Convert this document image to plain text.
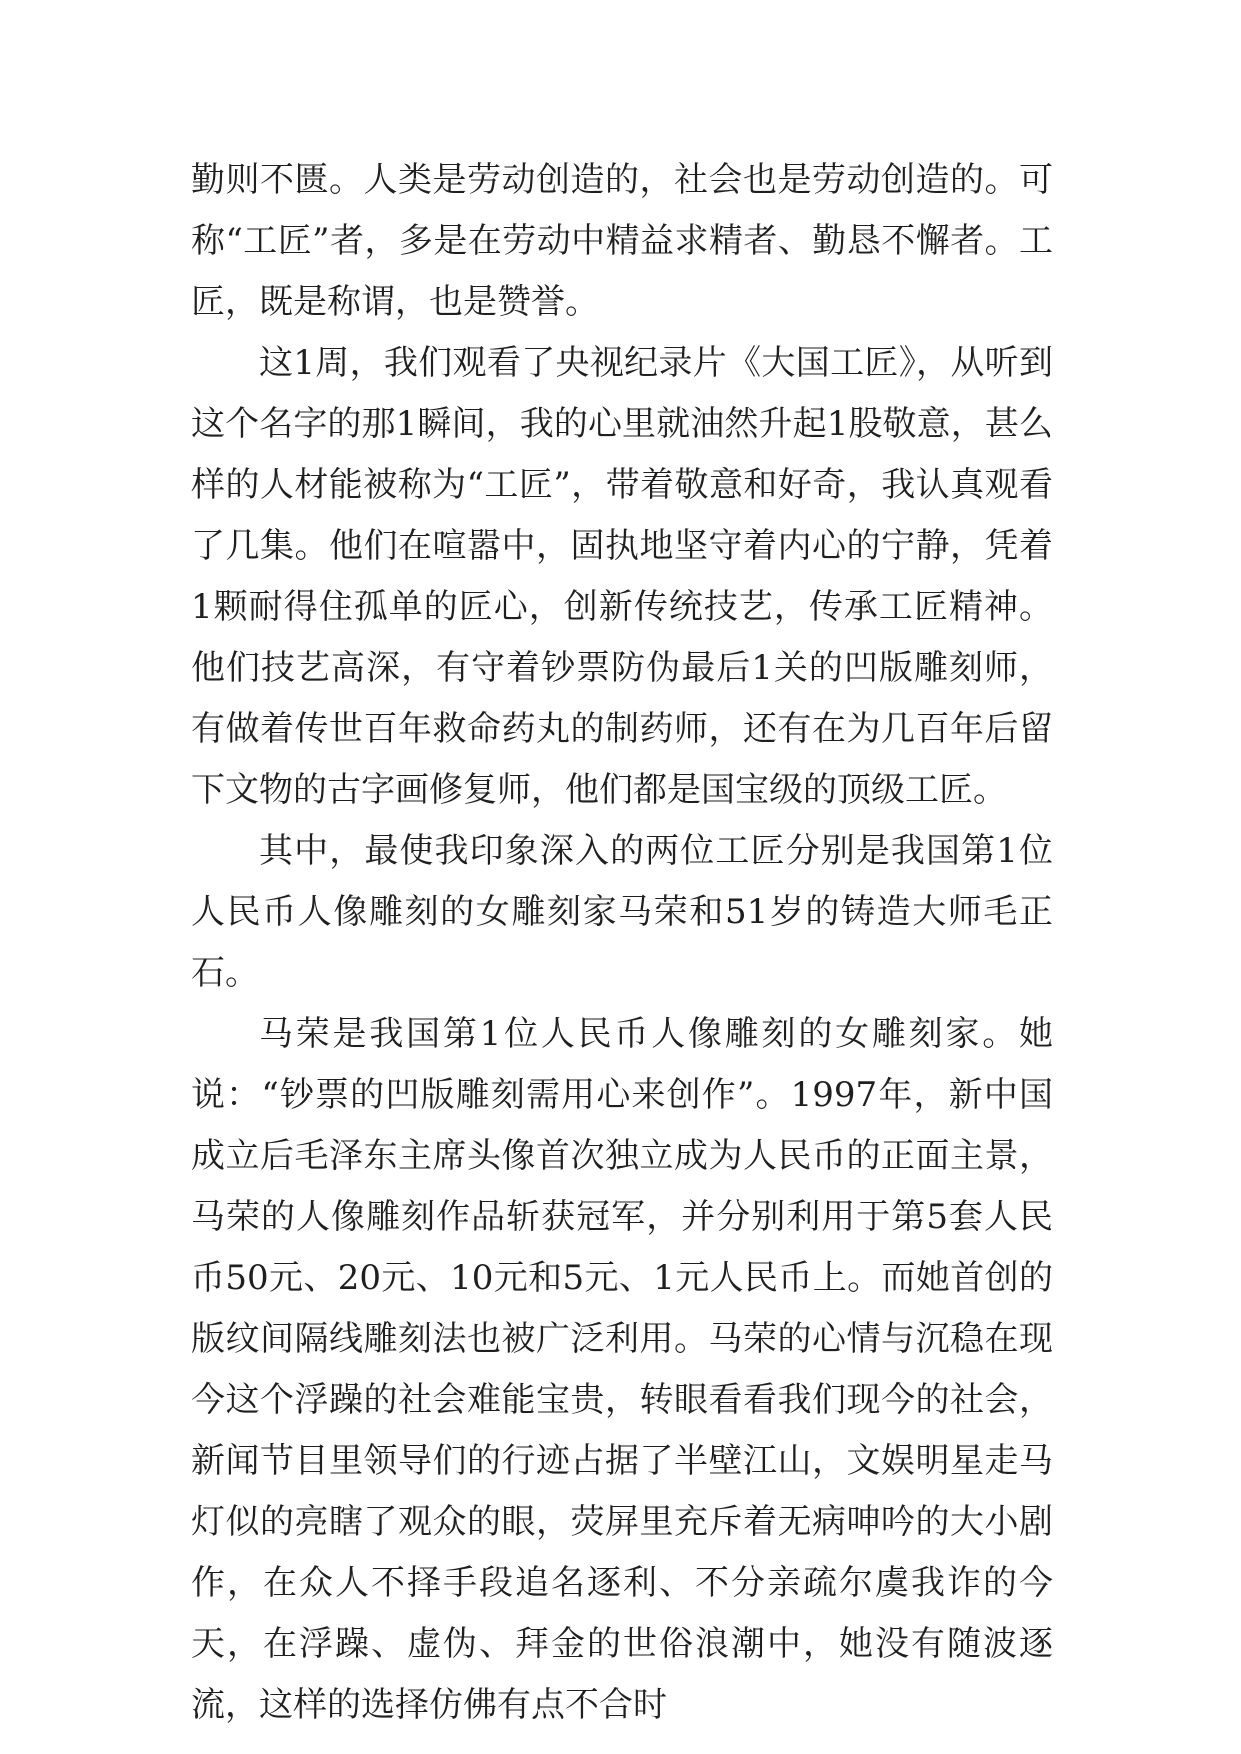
勤则不匮。人类是劳动创造的，社会也是劳动创造的。可称“工匠”者，多是在劳动中精益求精者、勤恳不懈者。工匠，既是称谓，也是赞誉。

这1周，我们观看了央视纪录片《大国工匠》，从听到这个名字的那1瞬间，我的心里就油然升起1股敬意，甚么样的人材能被称为“工匠”，带着敬意和好奇，我认真观看了几集。他们在喧嚣中，固执地坚守着内心的宁静，凭着1颗耐得住孤单的匠心，创新传统技艺，传承工匠精神。他们技艺高深，有守着钞票防伪最后1关的凹版雕刻师，有做着传世百年救命药丸的制药师，还有在为几百年后留下文物的古字画修复师，他们都是国宝级的顶级工匠。

其中，最使我印象深入的两位工匠分别是我国第1位人民币人像雕刻的女雕刻家马荣和51岁的铸造大师毛正石。

马荣是我国第1位人民币人像雕刻的女雕刻家。她说：“钞票的凹版雕刻需用心来创作”。1997年，新中国成立后毛泽东主席头像首次独立成为人民币的正面主景，马荣的人像雕刻作品斩获冠军，并分别利用于第5套人民币50元、20元、10元和5元、1元人民币上。而她首创的版纹间隔线雕刻法也被广泛利用。马荣的心情与沉稳在现今这个浮躁的社会难能宝贵，转眼看看我们现今的社会，新闻节目里领导们的行迹占据了半壁江山，文娱明星走马灯似的亮瞎了观众的眼，荧屏里充斥着无病呻吟的大小剧作，在众人不择手段追名逐利、不分亲疏尔虞我诈的今天，在浮躁、虚伪、拜金的世俗浪潮中，她没有随波逐流，这样的选择仿佛有点不合时
